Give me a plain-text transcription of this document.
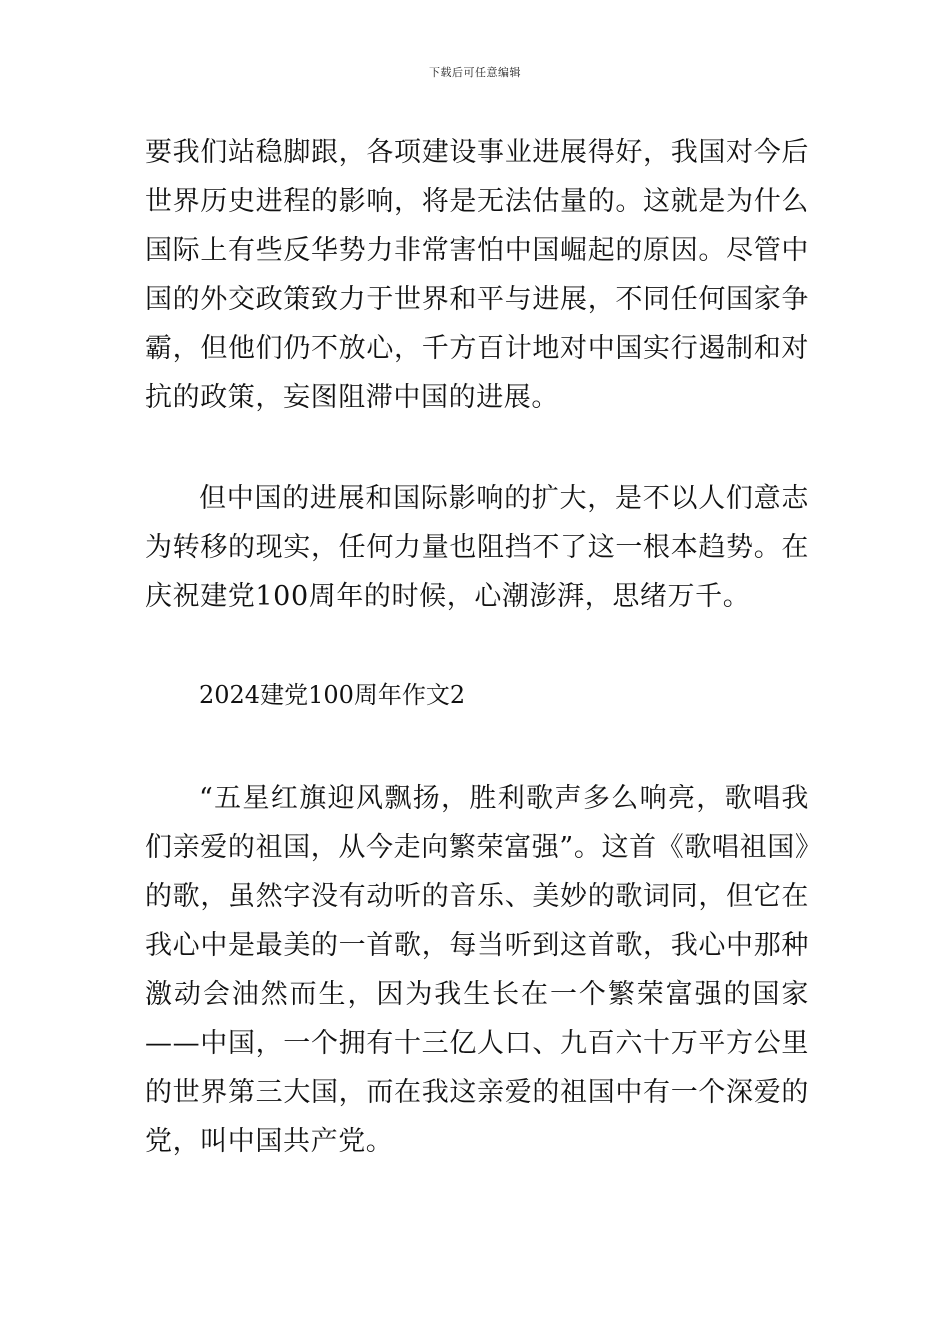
下载后可任意编辑

要我们站稳脚跟，各项建设事业进展得好，我国对今后世界历史进程的影响，将是无法估量的。这就是为什么国际上有些反华势力非常害怕中国崛起的原因。尽管中国的外交政策致力于世界和平与进展，不同任何国家争霸，但他们仍不放心，千方百计地对中国实行遏制和对抗的政策，妄图阻滞中国的进展。

但中国的进展和国际影响的扩大，是不以人们意志为转移的现实，任何力量也阻挡不了这一根本趋势。在庆祝建党100周年的时候，心潮澎湃，思绪万千。

2024建党100周年作文2

“五星红旗迎风飘扬，胜利歌声多么响亮，歌唱我们亲爱的祖国，从今走向繁荣富强”。这首《歌唱祖国》的歌，虽然字没有动听的音乐、美妙的歌词同，但它在我心中是最美的一首歌，每当听到这首歌，我心中那种激动会油然而生，因为我生长在一个繁荣富强的国家——中国，一个拥有十三亿人口、九百六十万平方公里的世界第三大国，而在我这亲爱的祖国中有一个深爱的党，叫中国共产党。
